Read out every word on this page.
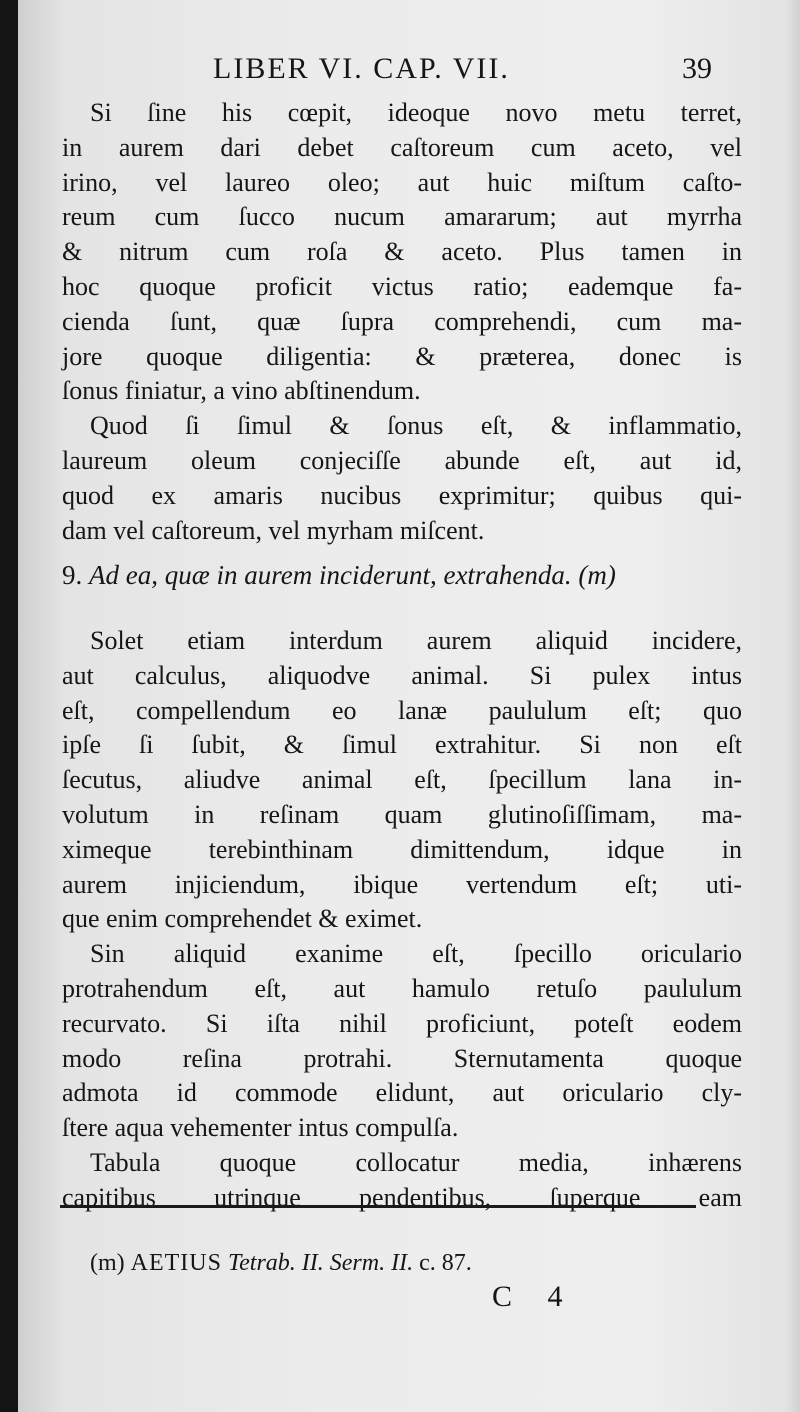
LIBER VI. CAP. VII.	39
Si ſine his cœpit, ideoque novo metu terret,
in aurem dari debet caſtoreum cum aceto, vel
irino, vel laureo oleo; aut huic miſtum caſto-
reum cum ſucco nucum amararum; aut myrrha
& nitrum cum roſa & aceto. Plus tamen in
hoc quoque proficit victus ratio; eademque fa-
cienda ſunt, quæ ſupra comprehendi, cum ma-
jore quoque diligentia: & præterea, donec is
ſonus finiatur, a vino abſtinendum.
Quod ſi ſimul & ſonus eſt, & inflammatio,
laureum oleum conjeciſſe abunde eſt, aut id,
quod ex amaris nucibus exprimitur; quibus qui-
dam vel caſtoreum, vel myrham miſcent.
9. Ad ea, quæ in aurem inciderunt, extrahenda. (m)
Solet etiam interdum aurem aliquid incidere,
aut calculus, aliquodve animal. Si pulex intus
eſt, compellendum eo lanæ paululum eſt; quo
ipſe ſi ſubit, & ſimul extrahitur. Si non eſt
ſecutus, aliudve animal eſt, ſpecillum lana in-
volutum in reſinam quam glutinoſiſſimam, ma-
ximeque terebinthinam dimittendum, idque in
aurem injiciendum, ibique vertendum eſt; uti-
que enim comprehendet & eximet.
Sin aliquid exanime eſt, ſpecillo oriculario
protrahendum eſt, aut hamulo retuſo paululum
recurvato. Si iſta nihil proficiunt, poteſt eodem
modo reſina protrahi. Sternutamenta quoque
admota id commode elidunt, aut oriculario cly-
ſtere aqua vehementer intus compulſa.
Tabula quoque collocatur media, inhærens
capitibus utrinque pendentibus, ſuperque eam
(m) AETIUS Tetrab. II. Serm. II. c. 87.
C 4
